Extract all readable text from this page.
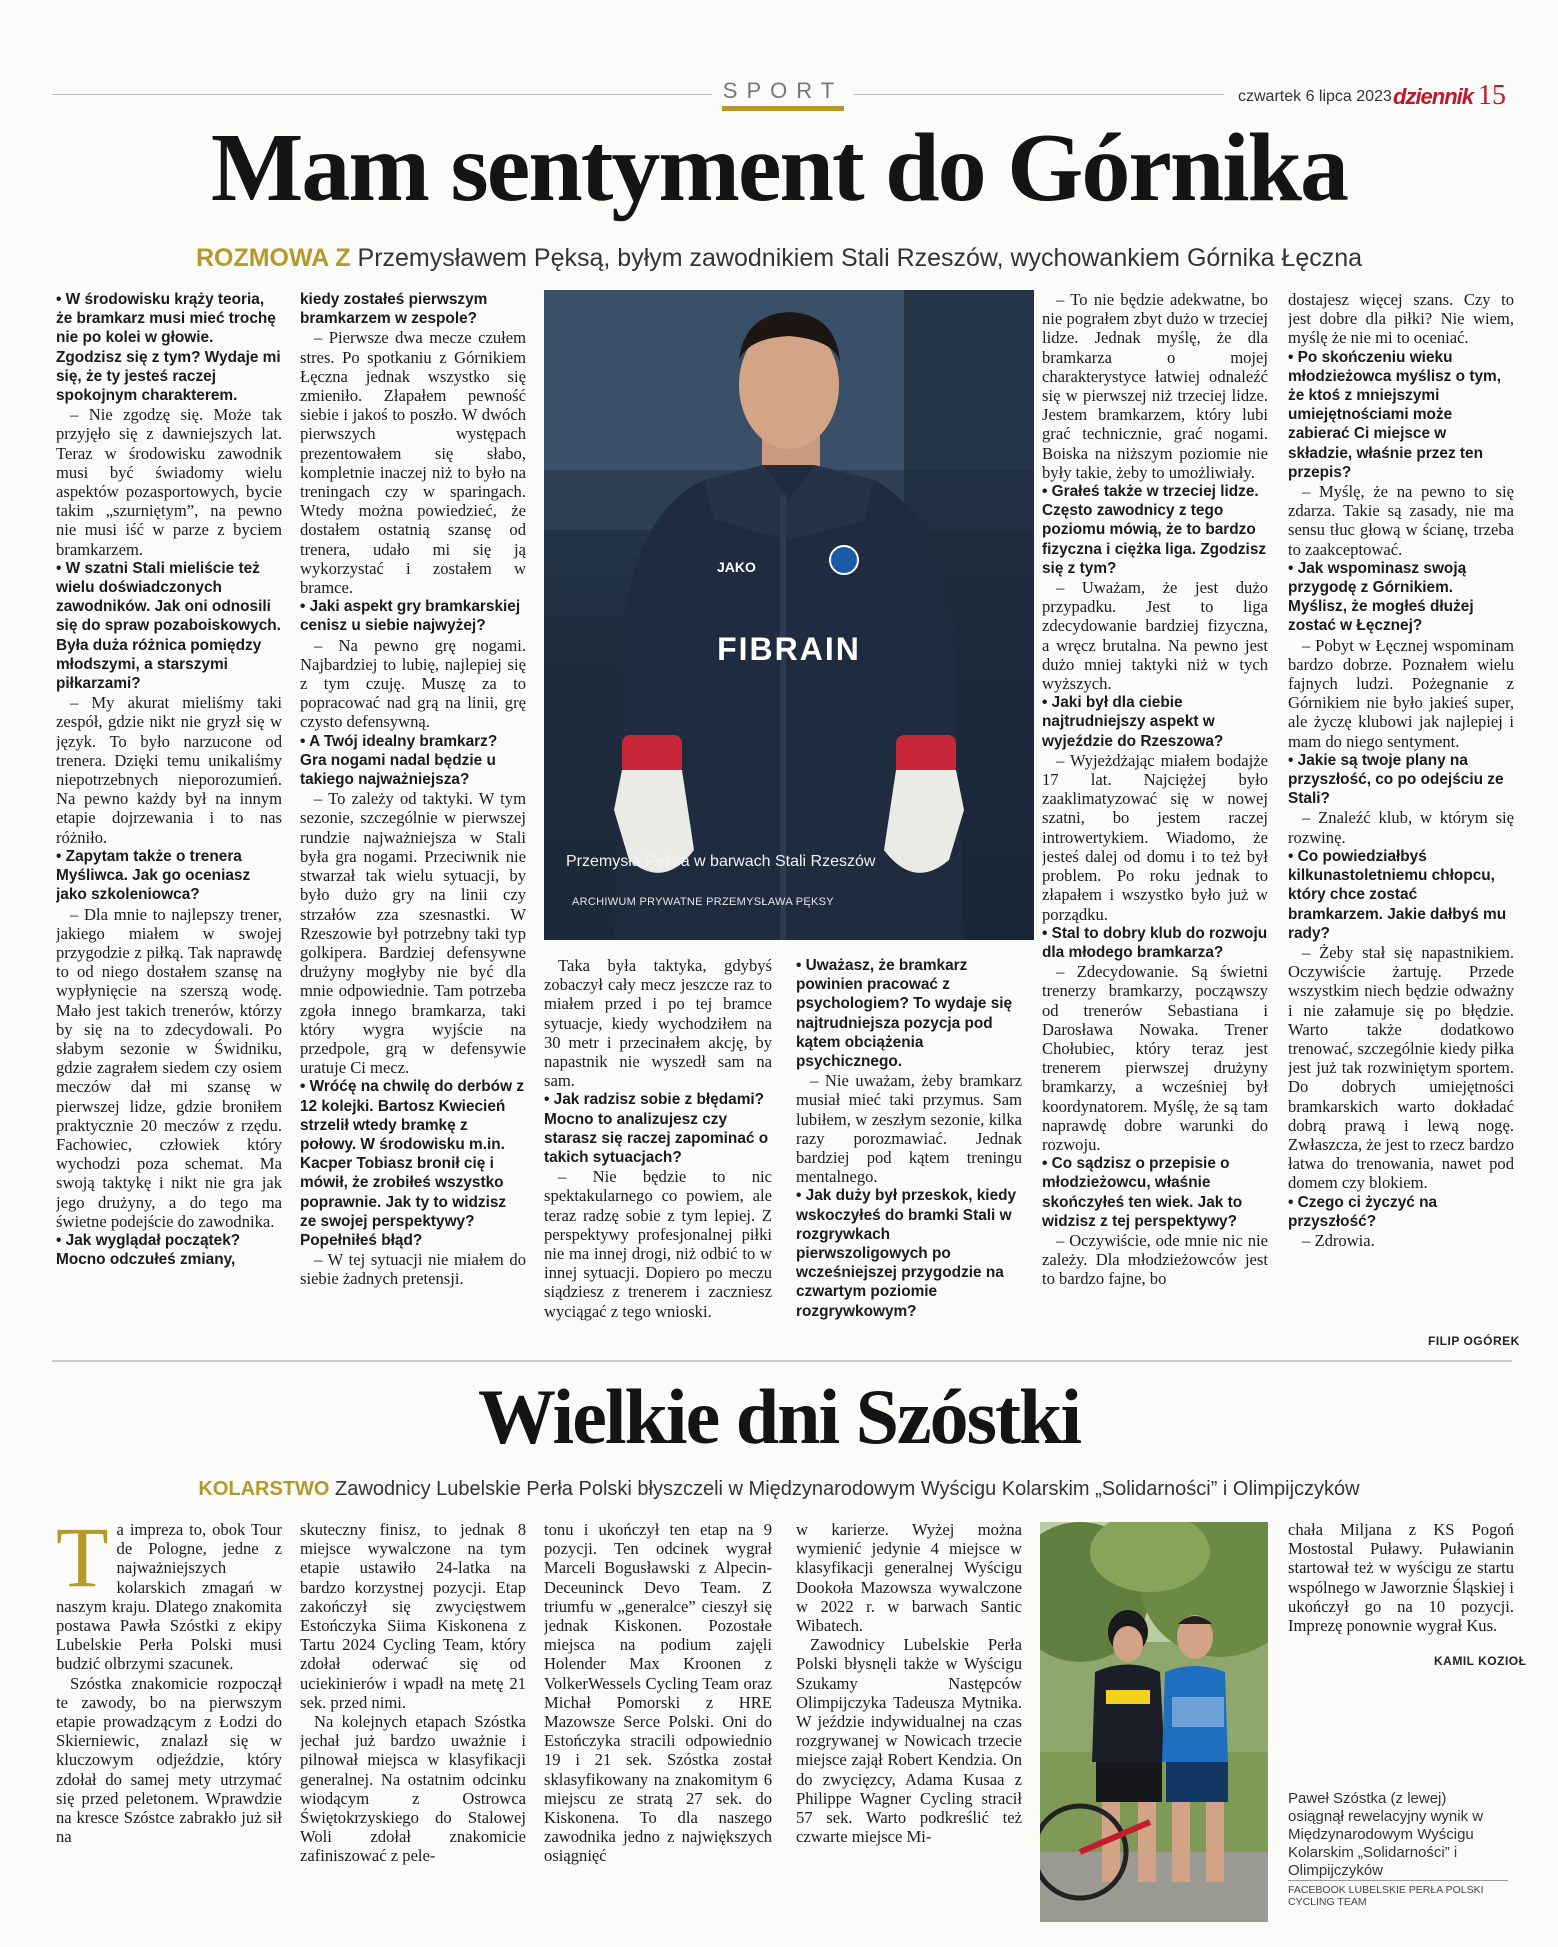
SPORT	czwartek 6 lipca 2023 dziennik 15
Mam sentyment do Górnika
ROZMOWA Z Przemysławem Pęksą, byłym zawodnikiem Stali Rzeszów, wychowankiem Górnika Łęczna

• W środowisku krąży teoria, że bramkarz musi mieć trochę nie po kolei w głowie. Zgodzisz się z tym? Wydaje mi się, że ty jesteś raczej spokojnym charakterem.

– Nie zgodzę się. Może tak przyjęło się z dawniejszych lat. Teraz w środowisku zawodnik musi być świadomy wielu aspektów pozasportowych, bycie takim „szurniętym”, na pewno nie musi iść w parze z byciem bramkarzem.

• W szatni Stali mieliście też wielu doświadczonych zawodników. Jak oni odnosili się do spraw pozaboiskowych. Była duża różnica pomiędzy młodszymi, a starszymi piłkarzami?

– My akurat mieliśmy taki zespół, gdzie nikt nie gryzł się w język. To było narzucone od trenera. Dzięki temu unikaliśmy niepotrzebnych nieporozumień. Na pewno każdy był na innym etapie dojrzewania i to nas różniło.

• Zapytam także o trenera Myśliwca. Jak go oceniasz jako szkoleniowca?

– Dla mnie to najlepszy trener, jakiego miałem w swojej przygodzie z piłką. Tak naprawdę to od niego dostałem szansę na wypłynięcie na szerszą wodę. Mało jest takich trenerów, którzy by się na to zdecydowali. Po słabym sezonie w Świdniku, gdzie zagrałem siedem czy osiem meczów dał mi szansę w pierwszej lidze, gdzie broniłem praktycznie 20 meczów z rzędu. Fachowiec, człowiek który wychodzi poza schemat. Ma swoją taktykę i nikt nie gra jak jego drużyny, a do tego ma świetne podejście do zawodnika.

• Jak wyglądał początek? Mocno odczułeś zmiany,

kiedy zostałeś pierwszym bramkarzem w zespole?

– Pierwsze dwa mecze czułem stres. Po spotkaniu z Górnikiem Łęczna jednak wszystko się zmieniło. Złapałem pewność siebie i jakoś to poszło. W dwóch pierwszych występach prezentowałem się słabo, kompletnie inaczej niż to było na treningach czy w sparingach. Wtedy można powiedzieć, że dostałem ostatnią szansę od trenera, udało mi się ją wykorzystać i zostałem w bramce.

• Jaki aspekt gry bramkarskiej cenisz u siebie najwyżej?

– Na pewno grę nogami. Najbardziej to lubię, najlepiej się z tym czuję. Muszę za to popracować nad grą na linii, grę czysto defensywną.

• A Twój idealny bramkarz? Gra nogami nadal będzie u takiego najważniejsza?

– To zależy od taktyki. W tym sezonie, szczególnie w pierwszej rundzie najważniejsza w Stali była gra nogami. Przeciwnik nie stwarzał tak wielu sytuacji, by było dużo gry na linii czy strzałów zza szesnastki. W Rzeszowie był potrzebny taki typ golkipera. Bardziej defensywne drużyny mogłyby nie być dla mnie odpowiednie. Tam potrzeba zgoła innego bramkarza, taki który wygra wyjście na przedpole, grą w defensywie uratuje Ci mecz.

• Wróćę na chwilę do derbów z 12 kolejki. Bartosz Kwiecień strzelił wtedy bramkę z połowy. W środowisku m.in. Kacper Tobiasz bronił cię i mówił, że zrobiłeś wszystko poprawnie. Jak ty to widzisz ze swojej perspektywy? Popełniłeś błąd?

– W tej sytuacji nie miałem do siebie żadnych pretensji.

FIBRAIN
JAKO
Przemysła Pęksa w barwach Stali Rzeszów
ARCHIWUM PRYWATNE PRZEMYSŁAWA PĘKSY

Taka była taktyka, gdybyś zobaczył cały mecz jeszcze raz to miałem przed i po tej bramce sytuacje, kiedy wychodziłem na 30 metr i przecinałem akcję, by napastnik nie wyszedł sam na sam.

• Jak radzisz sobie z błędami? Mocno to analizujesz czy starasz się raczej zapominać o takich sytuacjach?

– Nie będzie to nic spektakularnego co powiem, ale teraz radzę sobie z tym lepiej. Z perspektywy profesjonalnej piłki nie ma innej drogi, niż odbić to w innej sytuacji. Dopiero po meczu siądziesz z trenerem i zaczniesz wyciągać z tego wnioski.

• Uważasz, że bramkarz powinien pracować z psychologiem? To wydaje się najtrudniejsza pozycja pod kątem obciążenia psychicznego.

– Nie uważam, żeby bramkarz musiał mieć taki przymus. Sam lubiłem, w zeszłym sezonie, kilka razy porozmawiać. Jednak bardziej pod kątem treningu mentalnego.

• Jak duży był przeskok, kiedy wskoczyłeś do bramki Stali w rozgrywkach pierwszoligowych po wcześniejszej przygodzie na czwartym poziomie rozgrywkowym?

– To nie będzie adekwatne, bo nie pograłem zbyt dużo w trzeciej lidze. Jednak myślę, że dla bramkarza o mojej charakterystyce łatwiej odnaleźć się w pierwszej niż trzeciej lidze. Jestem bramkarzem, który lubi grać technicznie, grać nogami. Boiska na niższym poziomie nie były takie, żeby to umożliwiały.

• Grałeś także w trzeciej lidze. Często zawodnicy z tego poziomu mówią, że to bardzo fizyczna i ciężka liga. Zgodzisz się z tym?

– Uważam, że jest dużo przypadku. Jest to liga zdecydowanie bardziej fizyczna, a wręcz brutalna. Na pewno jest dużo mniej taktyki niż w tych wyższych.

• Jaki był dla ciebie najtrudniejszy aspekt w wyjeździe do Rzeszowa?

– Wyjeżdżając miałem bodajże 17 lat. Najciężej było zaaklimatyzować się w nowej szatni, bo jestem raczej introwertykiem. Wiadomo, że jesteś dalej od domu i to też był problem. Po roku jednak to złapałem i wszystko było już w porządku.

• Stal to dobry klub do rozwoju dla młodego bramkarza?

– Zdecydowanie. Są świetni trenerzy bramkarzy, począwszy od trenerów Sebastiana i Darosława Nowaka. Trener Chołubiec, który teraz jest trenerem pierwszej drużyny bramkarzy, a wcześniej był koordynatorem. Myślę, że są tam naprawdę dobre warunki do rozwoju.

• Co sądzisz o przepisie o młodzieżowcu, właśnie skończyłeś ten wiek. Jak to widzisz z tej perspektywy?

– Oczywiście, ode mnie nic nie zależy. Dla młodzieżowców jest to bardzo fajne, bo

dostajesz więcej szans. Czy to jest dobre dla piłki? Nie wiem, myślę że nie mi to oceniać.

• Po skończeniu wieku młodzieżowca myślisz o tym, że ktoś z mniejszymi umiejętnościami może zabierać Ci miejsce w składzie, właśnie przez ten przepis?

– Myślę, że na pewno to się zdarza. Takie są zasady, nie ma sensu tłuc głową w ścianę, trzeba to zaakceptować.

• Jak wspominasz swoją przygodę z Górnikiem. Myślisz, że mogłeś dłużej zostać w Łęcznej?

– Pobyt w Łęcznej wspominam bardzo dobrze. Poznałem wielu fajnych ludzi. Pożegnanie z Górnikiem nie było jakieś super, ale życzę klubowi jak najlepiej i mam do niego sentyment.

• Jakie są twoje plany na przyszłość, co po odejściu ze Stali?

– Znaleźć klub, w którym się rozwinę.

• Co powiedziałbyś kilkunastoletniemu chłopcu, który chce zostać bramkarzem. Jakie dałbyś mu rady?

– Żeby stał się napastnikiem. Oczywiście żartuję. Przede wszystkim niech będzie odważny i nie załamuje się po błędzie. Warto także dodatkowo trenować, szczególnie kiedy piłka jest już tak rozwiniętym sportem. Do dobrych umiejętności bramkarskich warto dokładać dobrą prawą i lewą nogę. Zwłaszcza, że jest to rzecz bardzo łatwa do trenowania, nawet pod domem czy blokiem.

• Czego ci życzyć na przyszłość?

– Zdrowia.

FILIP OGÓREK
Wielkie dni Szóstki
KOLARSTWO Zawodnicy Lubelskie Perła Polski błyszczeli w Międzynarodowym Wyścigu Kolarskim „Solidarności” i Olimpijczyków
T a impreza to, obok Tour de Pologne, jedne z najważniejszych kolarskich zmagań w naszym kraju. Dlatego znakomita postawa Pawła Szóstki z ekipy Lubelskie Perła Polski musi budzić olbrzymi szacunek.

Szóstka znakomicie rozpoczął te zawody, bo na pierwszym etapie prowadzącym z Łodzi do Skierniewic, znalazł się w kluczowym odjeździe, który zdołał do samej mety utrzymać się przed peletonem. Wprawdzie na kresce Szóstce zabrakło już sił na

skuteczny finisz, to jednak 8 miejsce wywalczone na tym etapie ustawiło 24-latka na bardzo korzystnej pozycji. Etap zakończył się zwycięstwem Estończyka Siima Kiskonena z Tartu 2024 Cycling Team, który zdołał oderwać się od uciekinierów i wpadł na metę 21 sek. przed nimi.

Na kolejnych etapach Szóstka jechał już bardzo uważnie i pilnował miejsca w klasyfikacji generalnej. Na ostatnim odcinku wiodącym z Ostrowca Świętokrzyskiego do Stalowej Woli zdołał znakomicie zafiniszować z pele-

tonu i ukończył ten etap na 9 pozycji. Ten odcinek wygrał Marceli Bogusławski z Alpecin-Deceuninck Devo Team. Z triumfu w „generalce” cieszył się jednak Kiskonen. Pozostałe miejsca na podium zajęli Holender Max Kroonen z VolkerWessels Cycling Team oraz Michał Pomorski z HRE Mazowsze Serce Polski. Oni do Estończyka stracili odpowiednio 19 i 21 sek. Szóstka został sklasyfikowany na znakomitym 6 miejscu ze stratą 27 sek. do Kiskonena. To dla naszego zawodnika jedno z największych osiągnięć

w karierze. Wyżej można wymienić jedynie 4 miejsce w klasyfikacji generalnej Wyścigu Dookoła Mazowsza wywalczone w 2022 r. w barwach Santic Wibatech.

Zawodnicy Lubelskie Perła Polski błysnęli także w Wyścigu Szukamy Następców Olimpijczyka Tadeusza Mytnika. W jeździe indywidualnej na czas rozgrywanej w Nowicach trzecie miejsce zajął Robert Kendzia. On do zwycięzcy, Adama Kusaa z Philippe Wagner Cycling stracił 57 sek. Warto podkreślić też czwarte miejsce Mi-

chała Miljana z KS Pogoń Mostostal Puławy. Puławianin startował też w wyścigu ze startu wspólnego w Jaworznie Śląskiej i ukończył go na 10 pozycji. Imprezę ponownie wygrał Kus.

KAMIL KOZIOŁ
Paweł Szóstka (z lewej) osiągnął rewelacyjny wynik w Międzynarodowym Wyścigu Kolarskim „Solidarności” i Olimpijczyków
FACEBOOK LUBELSKIE PERŁA POLSKI CYCLING TEAM
